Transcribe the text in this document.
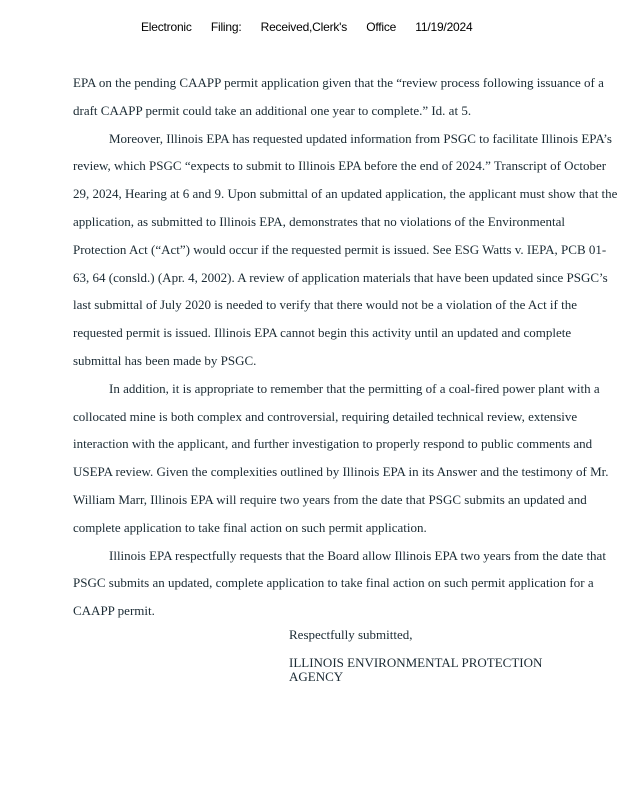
Electronic Filing: Received,Clerk's Office 11/19/2024

EPA on the pending CAAPP permit application given that the “review process following issuance of a draft CAAPP permit could take an additional one year to complete.” Id. at 5.

Moreover, Illinois EPA has requested updated information from PSGC to facilitate Illinois EPA’s review, which PSGC “expects to submit to Illinois EPA before the end of 2024.” Transcript of October 29, 2024, Hearing at 6 and 9. Upon submittal of an updated application, the applicant must show that the application, as submitted to Illinois EPA, demonstrates that no violations of the Environmental Protection Act (“Act”) would occur if the requested permit is issued. See ESG Watts v. IEPA, PCB 01-63, 64 (consld.) (Apr. 4, 2002). A review of application materials that have been updated since PSGC’s last submittal of July 2020 is needed to verify that there would not be a violation of the Act if the requested permit is issued. Illinois EPA cannot begin this activity until an updated and complete submittal has been made by PSGC.

In addition, it is appropriate to remember that the permitting of a coal-fired power plant with a collocated mine is both complex and controversial, requiring detailed technical review, extensive interaction with the applicant, and further investigation to properly respond to public comments and USEPA review. Given the complexities outlined by Illinois EPA in its Answer and the testimony of Mr. William Marr, Illinois EPA will require two years from the date that PSGC submits an updated and complete application to take final action on such permit application.

Illinois EPA respectfully requests that the Board allow Illinois EPA two years from the date that PSGC submits an updated, complete application to take final action on such permit application for a CAAPP permit.

Respectfully submitted,
ILLINOIS ENVIRONMENTAL PROTECTION AGENCY
